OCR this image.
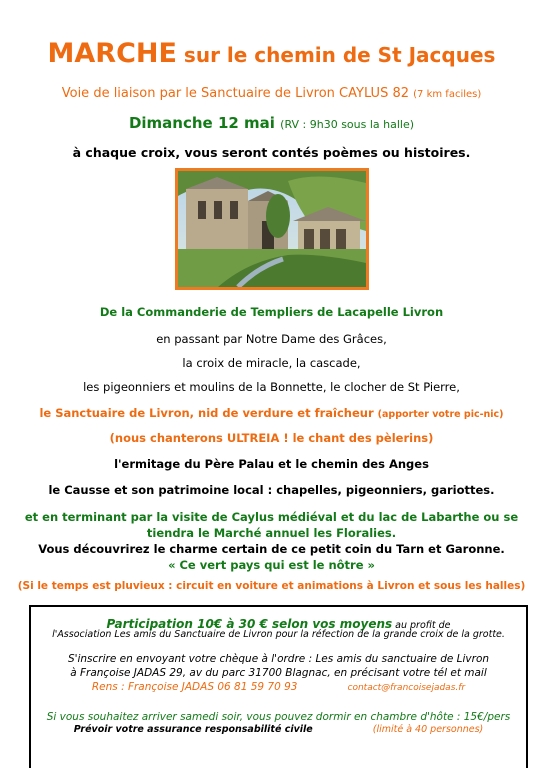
MARCHE sur le chemin de St Jacques
Voie de liaison par le Sanctuaire de Livron CAYLUS 82 (7 km faciles)
Dimanche 12 mai (RV : 9h30 sous la halle)
à chaque croix, vous seront contés poèmes ou histoires.
De la Commanderie de Templiers de Lacapelle Livron
en passant par Notre Dame des Grâces,
la croix de miracle, la cascade,
les pigeonniers et moulins de la Bonnette, le clocher de St Pierre,
le Sanctuaire de Livron, nid de verdure et fraîcheur (apporter votre pic-nic)
(nous chanterons ULTREIA ! le chant des pèlerins)
l'ermitage du Père Palau et le chemin des Anges
le Causse et son patrimoine local : chapelles, pigeonniers, gariottes.
et en terminant par la visite de Caylus médiéval et du lac de Labarthe ou se
tiendra le Marché annuel les Floralies.
Vous découvrirez le charme certain de ce petit coin du Tarn et Garonne.
« Ce vert pays qui est le nôtre »
(Si le temps est pluvieux : circuit en voiture et animations à Livron et sous les halles)
Participation 10€ à 30 € selon vos moyens au profit de
l'Association Les amis du Sanctuaire de Livron pour la réfection de la grande croix de la grotte.
S'inscrire en envoyant votre chèque à l'ordre : Les amis du sanctuaire de Livron
à Françoise JADAS 29, av du parc 31700 Blagnac, en précisant votre tél et mail
Rens : Françoise JADAS 06 81 59 70 93	contact@francoisejadas.fr
Si vous souhaitez arriver samedi soir, vous pouvez dormir en chambre d'hôte : 15€/pers
Prévoir votre assurance responsabilité civile	(limité à 40 personnes)
